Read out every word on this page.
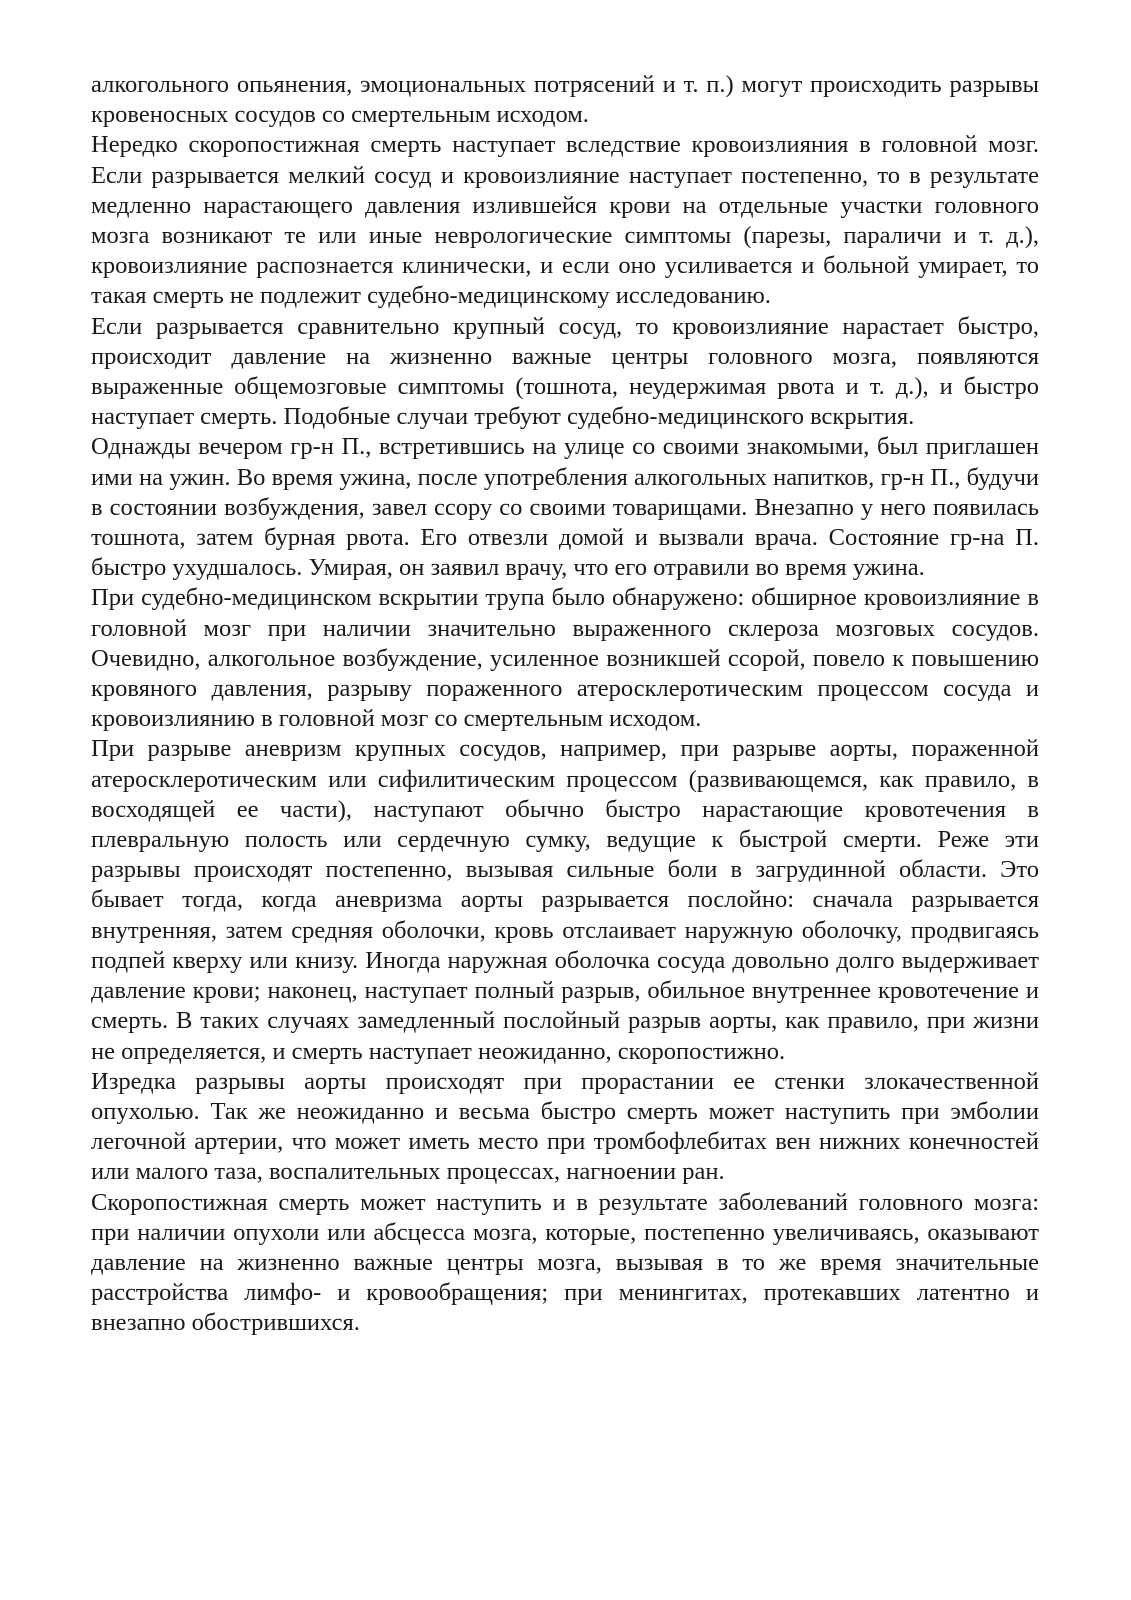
алкогольного опьянения, эмоциональных потрясений и т. п.) могут происходить разрывы кровеносных сосудов со смертельным исходом.

Нередко скоропостижная смерть наступает вследствие кровоизлияния в головной мозг. Если разрывается мелкий сосуд и кровоизлияние наступает постепенно, то в результате медленно нарастающего давления излившейся крови на отдельные участки головного мозга возникают те или иные неврологические симптомы (парезы, параличи и т. д.), кровоизлияние распознается клинически, и если оно усиливается и больной умирает, то такая смерть не подлежит судебно-медицинскому исследованию.

Если разрывается сравнительно крупный сосуд, то кровоизлияние нарастает быстро, происходит давление на жизненно важные центры головного мозга, появляются выраженные общемозговые симптомы (тошнота, неудержимая рвота и т. д.), и быстро наступает смерть. Подобные случаи требуют судебно-медицинского вскрытия.

Однажды вечером гр-н П., встретившись на улице со своими знакомыми, был приглашен ими на ужин. Во время ужина, после употребления алкогольных напитков, гр-н П., будучи в состоянии возбуждения, завел ссору со своими товарищами. Внезапно у него появилась тошнота, затем бурная рвота. Его отвезли домой и вызвали врача. Состояние гр-на П. быстро ухудшалось. Умирая, он заявил врачу, что его отравили во время ужина.

При судебно-медицинском вскрытии трупа было обнаружено: обширное кровоизлияние в головной мозг при наличии значительно выраженного склероза мозговых сосудов. Очевидно, алкогольное возбуждение, усиленное возникшей ссорой, повело к повышению кровяного давления, разрыву пораженного атеросклеротическим процессом сосуда и кровоизлиянию в головной мозг со смертельным исходом.

При разрыве аневризм крупных сосудов, например, при разрыве аорты, пораженной атеросклеротическим или сифилитическим процессом (развивающемся, как правило, в восходящей ее части), наступают обычно быстро нарастающие кровотечения в плевральную полость или сердечную сумку, ведущие к быстрой смерти. Реже эти разрывы происходят постепенно, вызывая сильные боли в загрудинной области. Это бывает тогда, когда аневризма аорты разрывается послойно: сначала разрывается внутренняя, затем средняя оболочки, кровь отслаивает наружную оболочку, продвигаясь подпей кверху или книзу. Иногда наружная оболочка сосуда довольно долго выдерживает давление крови; наконец, наступает полный разрыв, обильное внутреннее кровотечение и смерть. В таких случаях замедленный послойный разрыв аорты, как правило, при жизни не определяется, и смерть наступает неожиданно, скоропостижно.

Изредка разрывы аорты происходят при прорастании ее стенки злокачественной опухолью. Так же неожиданно и весьма быстро смерть может наступить при эмболии легочной артерии, что может иметь место при тромбофлебитах вен нижних конечностей или малого таза, воспалительных процессах, нагноении ран.

Скоропостижная смерть может наступить и в результате заболеваний головного мозга: при наличии опухоли или абсцесса мозга, которые, постепенно увеличиваясь, оказывают давление на жизненно важные центры мозга, вызывая в то же время значительные расстройства лимфо- и кровообращения; при менингитах, протекавших латентно и внезапно обострившихся.
